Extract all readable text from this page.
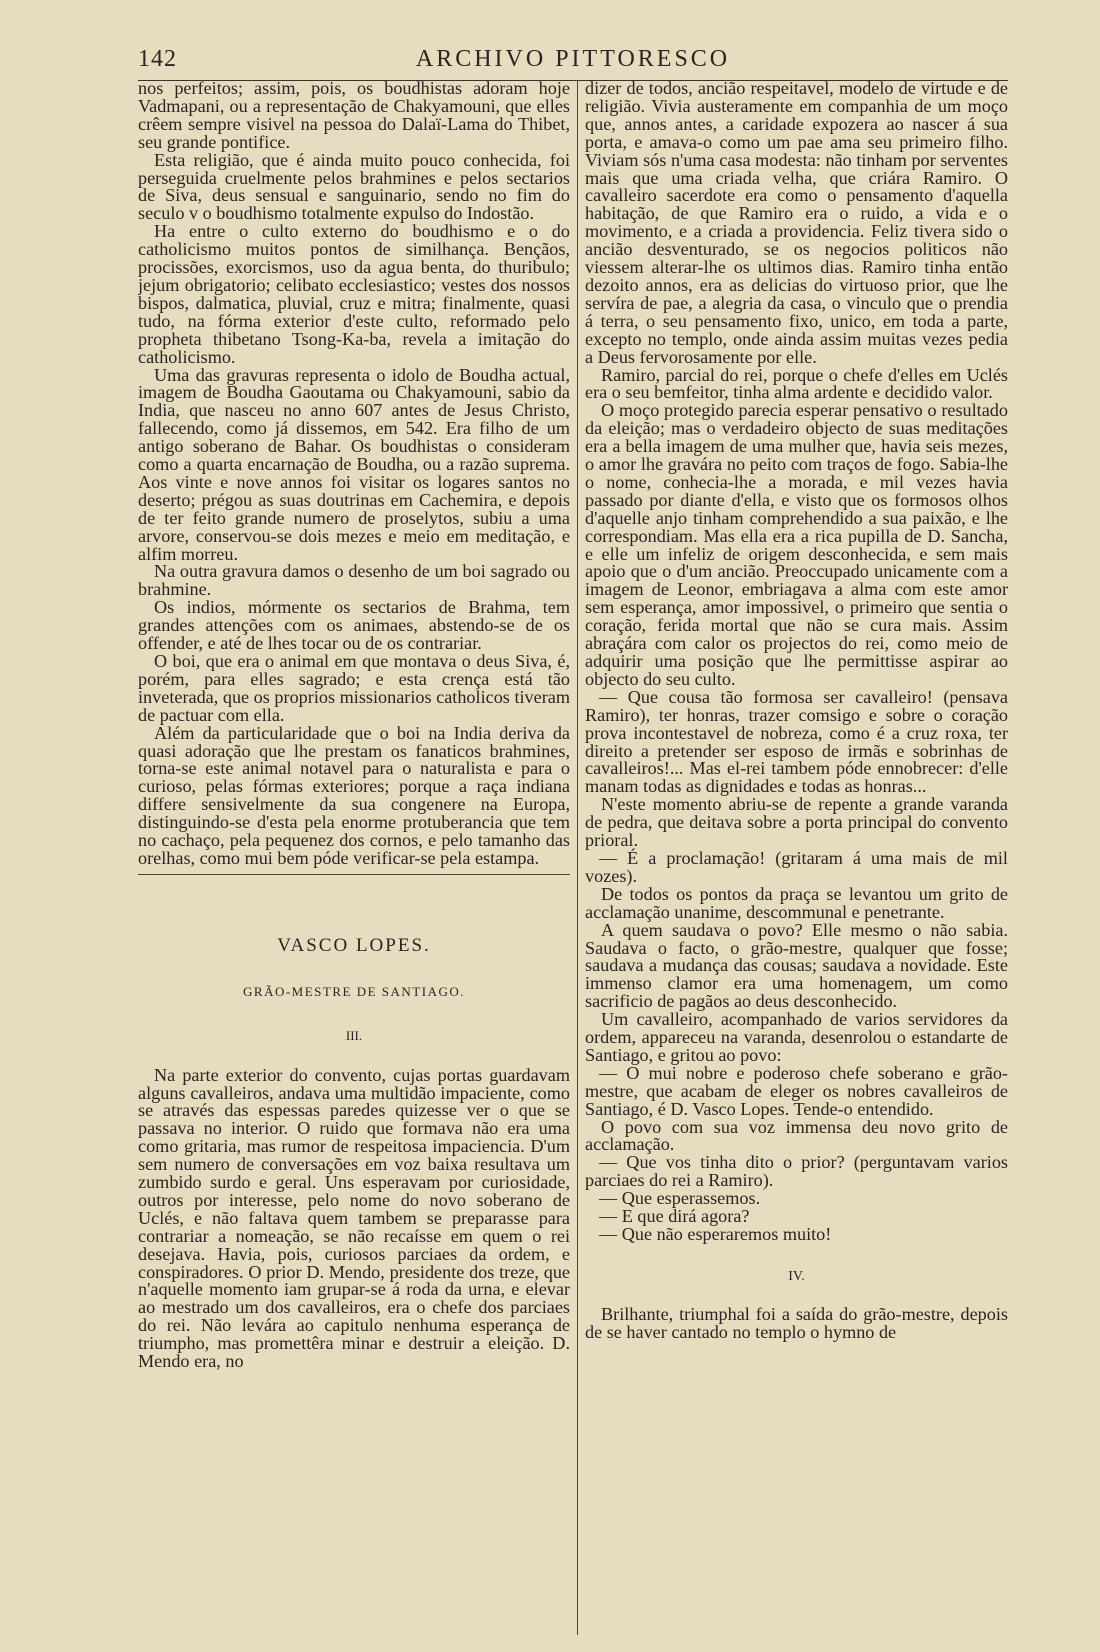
142	ARCHIVO PITTORESCO

nos perfeitos; assim, pois, os boudhistas adoram hoje Vadmapani, ou a representação de Chakyamouni, que elles crêem sempre visivel na pessoa do Dalaï-Lama do Thibet, seu grande pontifice.

Esta religião, que é ainda muito pouco conhecida, foi perseguida cruelmente pelos brahmines e pelos sectarios de Siva, deus sensual e sanguinario, sendo no fim do seculo v o boudhismo totalmente expulso do Indostão.

Ha entre o culto externo do boudhismo e o do catholicismo muitos pontos de similhança. Bençãos, procissões, exorcismos, uso da agua benta, do thuribulo; jejum obrigatorio; celibato ecclesiastico; vestes dos nossos bispos, dalmatica, pluvial, cruz e mitra; finalmente, quasi tudo, na fórma exterior d'este culto, reformado pelo propheta thibetano Tsong-Ka-ba, revela a imitação do catholicismo.

Uma das gravuras representa o idolo de Boudha actual, imagem de Boudha Gaoutama ou Chakyamouni, sabio da India, que nasceu no anno 607 antes de Jesus Christo, fallecendo, como já dissemos, em 542. Era filho de um antigo soberano de Bahar. Os boudhistas o consideram como a quarta encarnação de Boudha, ou a razão suprema. Aos vinte e nove annos foi visitar os logares santos no deserto; prégou as suas doutrinas em Cachemira, e depois de ter feito grande numero de proselytos, subiu a uma arvore, conservou-se dois mezes e meio em meditação, e alfim morreu.

Na outra gravura damos o desenho de um boi sagrado ou brahmine.

Os indios, mórmente os sectarios de Brahma, tem grandes attenções com os animaes, abstendo-se de os offender, e até de lhes tocar ou de os contrariar.

O boi, que era o animal em que montava o deus Siva, é, porém, para elles sagrado; e esta crença está tão inveterada, que os proprios missionarios catholicos tiveram de pactuar com ella.

Além da particularidade que o boi na India deriva da quasi adoração que lhe prestam os fanaticos brahmines, torna-se este animal notavel para o naturalista e para o curioso, pelas fórmas exteriores; porque a raça indiana differe sensivelmente da sua congenere na Europa, distinguindo-se d'esta pela enorme protuberancia que tem no cachaço, pela pequenez dos cornos, e pelo tamanho das orelhas, como mui bem póde verificar-se pela estampa.

VASCO LOPES.
GRÃO-MESTRE DE SANTIAGO.
III.

Na parte exterior do convento, cujas portas guardavam alguns cavalleiros, andava uma multidão impaciente, como se através das espessas paredes quizesse ver o que se passava no interior. O ruido que formava não era uma como gritaria, mas rumor de respeitosa impaciencia. D'um sem numero de conversações em voz baixa resultava um zumbido surdo e geral. Uns esperavam por curiosidade, outros por interesse, pelo nome do novo soberano de Uclés, e não faltava quem tambem se preparasse para contrariar a nomeação, se não recaísse em quem o rei desejava. Havia, pois, curiosos parciaes da ordem, e conspiradores. O prior D. Mendo, presidente dos treze, que n'aquelle momento iam grupar-se á roda da urna, e elevar ao mestrado um dos cavalleiros, era o chefe dos parciaes do rei. Não levára ao capitulo nenhuma esperança de triumpho, mas promettêra minar e destruir a eleição. D. Mendo era, no

dizer de todos, ancião respeitavel, modelo de virtude e de religião. Vivia austeramente em companhia de um moço que, annos antes, a caridade expozera ao nascer á sua porta, e amava-o como um pae ama seu primeiro filho. Viviam sós n'uma casa modesta: não tinham por serventes mais que uma criada velha, que criára Ramiro. O cavalleiro sacerdote era como o pensamento d'aquella habitação, de que Ramiro era o ruido, a vida e o movimento, e a criada a providencia. Feliz tivera sido o ancião desventurado, se os negocios politicos não viessem alterar-lhe os ultimos dias. Ramiro tinha então dezoito annos, era as delicias do virtuoso prior, que lhe servíra de pae, a alegria da casa, o vinculo que o prendia á terra, o seu pensamento fixo, unico, em toda a parte, excepto no templo, onde ainda assim muitas vezes pedia a Deus fervorosamente por elle.

Ramiro, parcial do rei, porque o chefe d'elles em Uclés era o seu bemfeitor, tinha alma ardente e decidido valor.

O moço protegido parecia esperar pensativo o resultado da eleição; mas o verdadeiro objecto de suas meditações era a bella imagem de uma mulher que, havia seis mezes, o amor lhe gravára no peito com traços de fogo. Sabia-lhe o nome, conhecia-lhe a morada, e mil vezes havia passado por diante d'ella, e visto que os formosos olhos d'aquelle anjo tinham comprehendido a sua paixão, e lhe correspondiam. Mas ella era a rica pupilla de D. Sancha, e elle um infeliz de origem desconhecida, e sem mais apoio que o d'um ancião. Preoccupado unicamente com a imagem de Leonor, embriagava a alma com este amor sem esperança, amor impossivel, o primeiro que sentia o coração, ferida mortal que não se cura mais. Assim abraçára com calor os projectos do rei, como meio de adquirir uma posição que lhe permittisse aspirar ao objecto do seu culto.

— Que cousa tão formosa ser cavalleiro! (pensava Ramiro), ter honras, trazer comsigo e sobre o coração prova incontestavel de nobreza, como é a cruz roxa, ter direito a pretender ser esposo de irmãs e sobrinhas de cavalleiros!... Mas el-rei tambem póde ennobrecer: d'elle manam todas as dignidades e todas as honras...

N'este momento abriu-se de repente a grande varanda de pedra, que deitava sobre a porta principal do convento prioral.

— É a proclamação! (gritaram á uma mais de mil vozes).

De todos os pontos da praça se levantou um grito de acclamação unanime, descommunal e penetrante.

A quem saudava o povo? Elle mesmo o não sabia. Saudava o facto, o grão-mestre, qualquer que fosse; saudava a mudança das cousas; saudava a novidade. Este immenso clamor era uma homenagem, um como sacrificio de pagãos ao deus desconhecido.

Um cavalleiro, acompanhado de varios servidores da ordem, appareceu na varanda, desenrolou o estandarte de Santiago, e gritou ao povo:

— O mui nobre e poderoso chefe soberano e grão-mestre, que acabam de eleger os nobres cavalleiros de Santiago, é D. Vasco Lopes. Tende-o entendido.

O povo com sua voz immensa deu novo grito de acclamação.

— Que vos tinha dito o prior? (perguntavam varios parciaes do rei a Ramiro).

— Que esperassemos.

— E que dirá agora?

— Que não esperaremos muito!

IV.

Brilhante, triumphal foi a saída do grão-mestre, depois de se haver cantado no templo o hymno de
